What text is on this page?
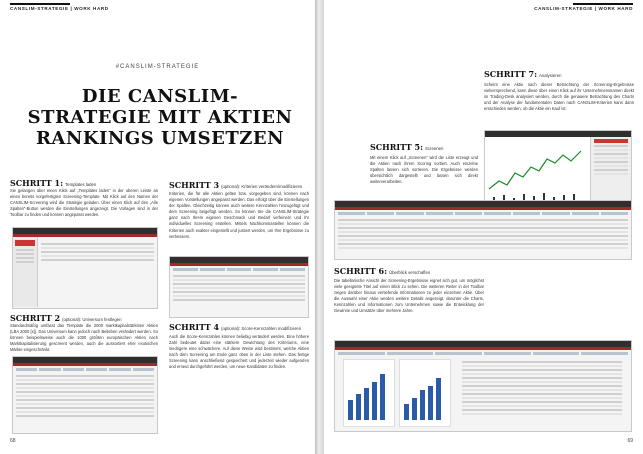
CANSLIM-STRATEGIE | WORK HARD
#CANSLIM-STRATEGIE
DIE CANSLIM-STRATEGIE MIT AKTIEN RANKINGS UMSETZEN
SCHRITT 1: Templates laden
Sie gelangen über einen Klick auf „Templates laden“ in der oberen Leiste an einen bereits vorgefertigten Screening-Template. Mit Klick auf den Namen der CANSLIM-Screening wird die Strategie geladen. Über einen Klick auf den „Alle Spalten“-Button werden die Einstellungen angezeigt. Die Vorlagen sind in der Toolbar zu finden und können angepasst werden.
SCHRITT 2 (optional): Universum festlegen
Standardmäßig umfasst das Template die 2000 marktkapitalstärksten Aktien (LBA 2000 [x]). Das Universum kann jedoch nach Belieben verändert werden. So können beispielsweise auch die 1000 größten europäischen Aktien nach Marktkapitalisierung gescreent werden, auch die aussortiert eher exotischen Märkte eingeschränkt.
SCHRITT 3 (optional): Kriterien verändern/modifizieren
Kriterien, die für alle Aktien gelten bzw. vorgegeben sind, können nach eigenen Vorstellungen angepasst werden. Das erfolgt über die Einstellungen der Spalten. Gleichzeitig können auch weitere Kennzahlen hinzugefügt und dem Screening beigefügt werden. So können Sie die CANSLIM-Strategie ganz nach Ihrem eigenen Geschmack und Bedarf verfeinern und Ihr individuelles Screening erstellen. Mittels Nachkommastellen können die Kriterien auch exakter eingestellt und justiert werden, um Ihre Ergebnisse zu verbessern.
SCHRITT 4 (optional): Score-Kennzahlen modifizieren
Auch die Score-Kennzahlen können beliebig verändert werden. Eine höhere Zahl bedeutet dabei eine stärkere Gewichtung des Kriteriums, eine niedrigere eine schwächere. Auf diese Weise wird bestimmt, welche Aktien nach dem Screening am Ende ganz oben in der Liste stehen. Das fertige Screening kann anschließend gespeichert und jederzeit wieder aufgerufen und erneut durchgeführt werden, um neue Kandidaten zu finden.
68
CANSLIM-STRATEGIE | WORK HARD
SCHRITT 7: Analysieren
Scheint eine Aktie nach dieser Betrachtung der Screening-Ergebnisse vielversprechend, kann diese über einen Klick auf ihr Unternehmensnamen direkt im Trading-Desk analysiert werden, durch die genauere Betrachtung des Charts und der Analyse der fundamentalen Daten nach CANSLIM-Kriterien kann dann entschieden werden, ob die Aktie ein Kauf ist.
SCHRITT 5: Screenen
Mit einem Klick auf „Screenen“ wird die Liste erzeugt und die Aktien nach ihrem Scoring sortiert. Auch einzelne Spalten lassen sich sortieren. Die Ergebnisse werden übersichtlich dargestellt und lassen sich direkt weiterverarbeiten.
SCHRITT 6: Überblick verschaffen
Die tabellarische Ansicht der Screening-Ergebnisse eignet sich gut, um möglichst viele geeignete Titel auf einen Blick zu sehen. Die weiteren Reiter in der Toolbar zeigen darüber hinaus vertiefende Informationen zu jeder einzelnen Aktie. Über die Auswahl einer Aktie werden weitere Details angezeigt, darunter die Charts, Kennzahlen und Informationen zum Unternehmen sowie die Entwicklung der Gewinne und Umsätze über mehrere Jahre.
69
